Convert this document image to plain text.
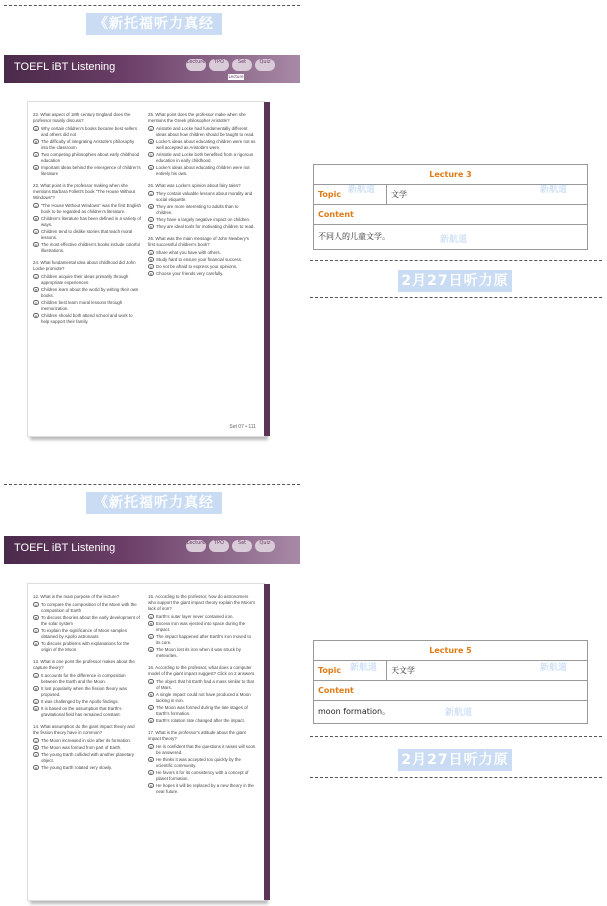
《新托福听力真经6》
TOEFL iBT Listening	Lecture	TPO	Set	Quiz
Lecture
22. What aspect of 18th century England does the professor mainly discuss?
A Why certain children's books became best sellers and others did not
B The difficulty of integrating Aristotle's philosophy into the classroom
C Two competing philosophies about early childhood education
D Important ideas behind the emergence of children's literature
23. What point is the professor making when she mentions Barbara Follett's book "The House Without Windows"?
A "The House Without Windows" was the first English book to be regarded as children's literature.
B Children's literature has been defined in a variety of ways.
C Children tend to dislike stories that teach moral lessons.
D The most effective children's books include colorful illustrations.
24. What fundamental idea about childhood did John Locke promote?
A Children acquire their ideas primarily through appropriate experiences.
B Children learn about the world by writing their own books.
C Children best learn moral lessons through memorization.
D Children should both attend school and work to help support their family.
25. What point does the professor make when she mentions the Greek philosopher Aristotle?
A Aristotle and Locke had fundamentally different ideas about how children should be taught to read.
B Locke's ideas about educating children were not as well accepted as Aristotle's were.
C Aristotle and Locke both benefited from a rigorous education in early childhood.
D Locke's ideas about educating children were not entirely his own.
26. What was Locke's opinion about fairy tales?
A They contain valuable lessons about morality and social etiquette.
B They are more interesting to adults than to children.
C They have a largely negative impact on children.
D They are ideal tools for motivating children to read.
26. What was the main message of John Newbery's first successful children's book?
A Share what you have with others.
B Study hard to ensure your financial success.
C Do not be afraid to express your opinions.
D Choose your friends very carefully.
Set 07 • 111
Lecture 3
Topic	文学
Content
不同人的儿童文学。
新航道	新航道
新航道
2月27日听力原题
《新托福听力真经6》
TOEFL iBT Listening	Lecture	TPO	Set	Quiz
12. What is the main purpose of the lecture?
A To compare the composition of the Moon with the composition of Earth
B To discuss theories about the early development of the solar system
C To explain the significance of Moon samples obtained by Apollo astronauts
D To discuss problems with explanations for the origin of the Moon
13. What is one point the professor makes about the capture theory?
A It accounts for the difference in composition between the Earth and the Moon.
B It lost popularity when the fission theory was proposed.
C It was challenged by the Apollo findings.
D It is based on the assumption that Earth's gravitational field has remained constant.
14. What assumption do the giant impact theory and the fission theory have in common?
A The Moon increased in size after its formation.
B The Moon was formed from part of Earth.
C The young Earth collided with another planetary object.
D The young Earth rotated very slowly.
15. According to the professor, how do astronomers who support the giant impact theory explain the Moon's lack of iron?
A Earth's outer layer never contained iron.
B Excess iron was ejected into space during the impact.
C The impact happened after Earth's iron moved to its core.
D The Moon lost its iron when it was struck by meteorites.
16. According to the professor, what does a computer model of the giant impact suggest? Click on 2 answers.
A The object that hit Earth had a mass similar to that of Mars.
B A single impact could not have produced a Moon lacking in iron.
C The Moon was formed during the late stages of Earth's formation.
D Earth's rotation rate changed after the impact.
17. What is the professor's attitude about the giant impact theory?
A He is confident that the questions it raises will soon be answered.
B He thinks it was accepted too quickly by the scientific community.
C He favors it for its consistency with a concept of planet formation.
D He hopes it will be replaced by a new theory in the near future.
Lecture 5
Topic	天文学
Content
moon formation。
新航道	新航道
新航道
2月27日听力原题
